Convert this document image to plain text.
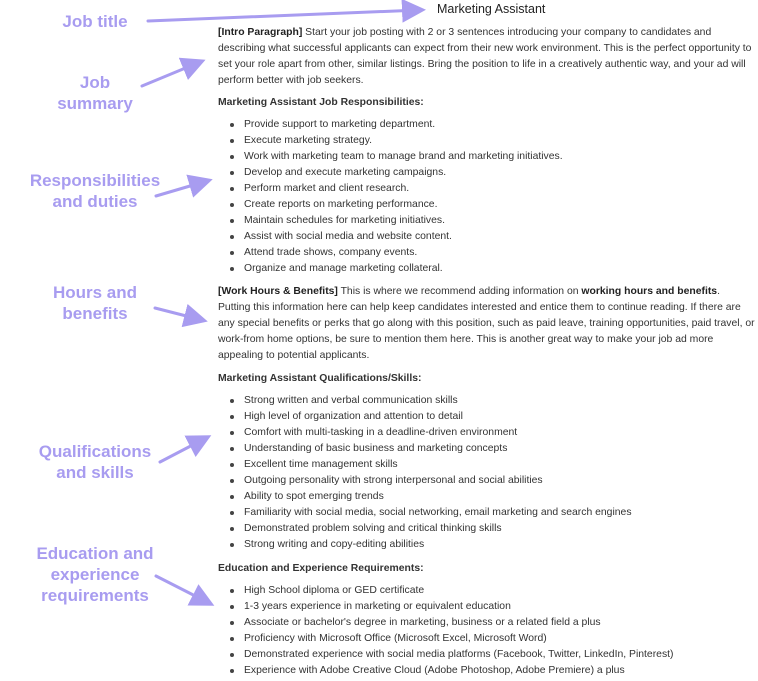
Job title
Job
summary
Responsibilities
and duties
Hours and
benefits
Qualifications
and skills
Education and
experience
requirements
Marketing Assistant
[Intro Paragraph] Start your job posting with 2 or 3 sentences introducing your company to candidates and describing what successful applicants can expect from their new work environment. This is the perfect opportunity to set your role apart from other, similar listings. Bring the position to life in a creatively authentic way, and your ad will perform better with job seekers.
Marketing Assistant Job Responsibilities:
Provide support to marketing department.
Execute marketing strategy.
Work with marketing team to manage brand and marketing initiatives.
Develop and execute marketing campaigns.
Perform market and client research.
Create reports on marketing performance.
Maintain schedules for marketing initiatives.
Assist with social media and website content.
Attend trade shows, company events.
Organize and manage marketing collateral.
[Work Hours & Benefits] This is where we recommend adding information on working hours and benefits. Putting this information here can help keep candidates interested and entice them to continue reading. If there are any special benefits or perks that go along with this position, such as paid leave, training opportunities, paid travel, or work-from home options, be sure to mention them here. This is another great way to make your job ad more appealing to potential applicants.
Marketing Assistant Qualifications/Skills:
Strong written and verbal communication skills
High level of organization and attention to detail
Comfort with multi-tasking in a deadline-driven environment
Understanding of basic business and marketing concepts
Excellent time management skills
Outgoing personality with strong interpersonal and social abilities
Ability to spot emerging trends
Familiarity with social media, social networking, email marketing and search engines
Demonstrated problem solving and critical thinking skills
Strong writing and copy-editing abilities
Education and Experience Requirements:
High School diploma or GED certificate
1-3 years experience in marketing or equivalent education
Associate or bachelor's degree in marketing, business or a related field a plus
Proficiency with Microsoft Office (Microsoft Excel, Microsoft Word)
Demonstrated experience with social media platforms (Facebook, Twitter, LinkedIn, Pinterest)
Experience with Adobe Creative Cloud (Adobe Photoshop, Adobe Premiere) a plus
